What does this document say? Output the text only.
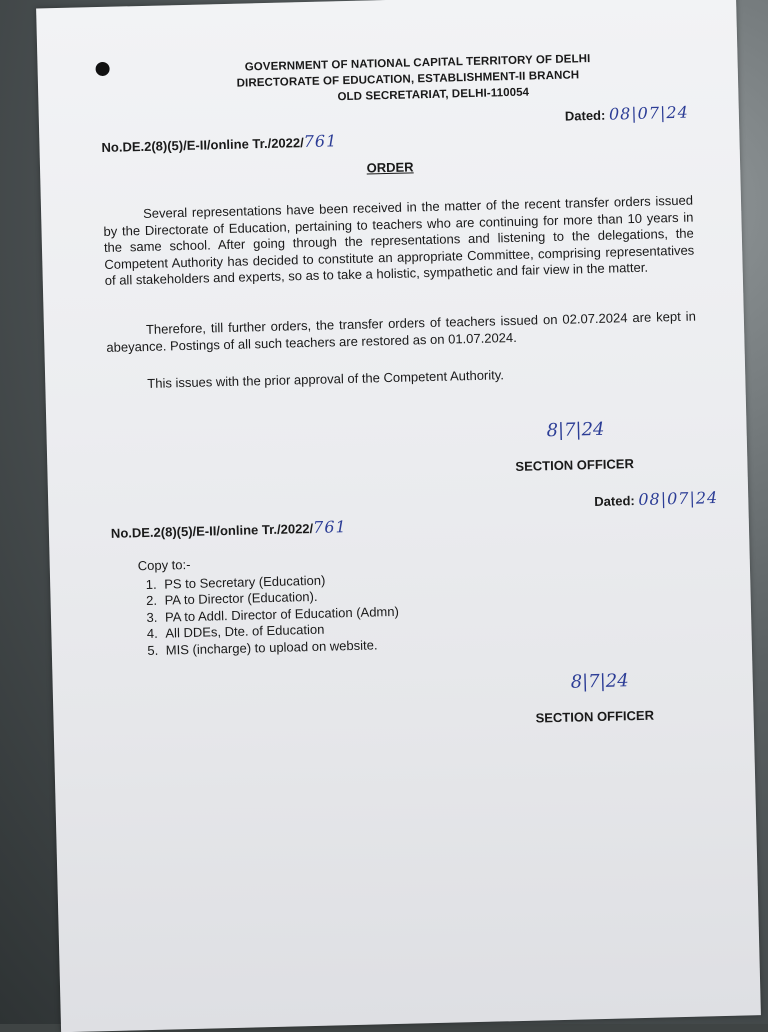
GOVERNMENT OF NATIONAL CAPITAL TERRITORY OF DELHI
DIRECTORATE OF EDUCATION, ESTABLISHMENT-II BRANCH
OLD SECRETARIAT, DELHI-110054
No.DE.2(8)(5)/E-II/online Tr./2022/761
Dated: 08|07|24
ORDER

Several representations have been received in the matter of the recent transfer orders issued by the Directorate of Education, pertaining to teachers who are continuing for more than 10 years in the same school. After going through the representations and listening to the delegations, the Competent Authority has decided to constitute an appropriate Committee, comprising representatives of all stakeholders and experts, so as to take a holistic, sympathetic and fair view in the matter.

Therefore, till further orders, the transfer orders of teachers issued on 02.07.2024 are kept in abeyance. Postings of all such teachers are restored as on 01.07.2024.

This issues with the prior approval of the Competent Authority.

8|7|24
SECTION OFFICER
No.DE.2(8)(5)/E-II/online Tr./2022/761
Dated: 08|07|24
Copy to:-
1. PS to Secretary (Education)
2. PA to Director (Education).
3. PA to Addl. Director of Education (Admn)
4. All DDEs, Dte. of Education
5. MIS (incharge) to upload on website.
8|7|24
SECTION OFFICER
